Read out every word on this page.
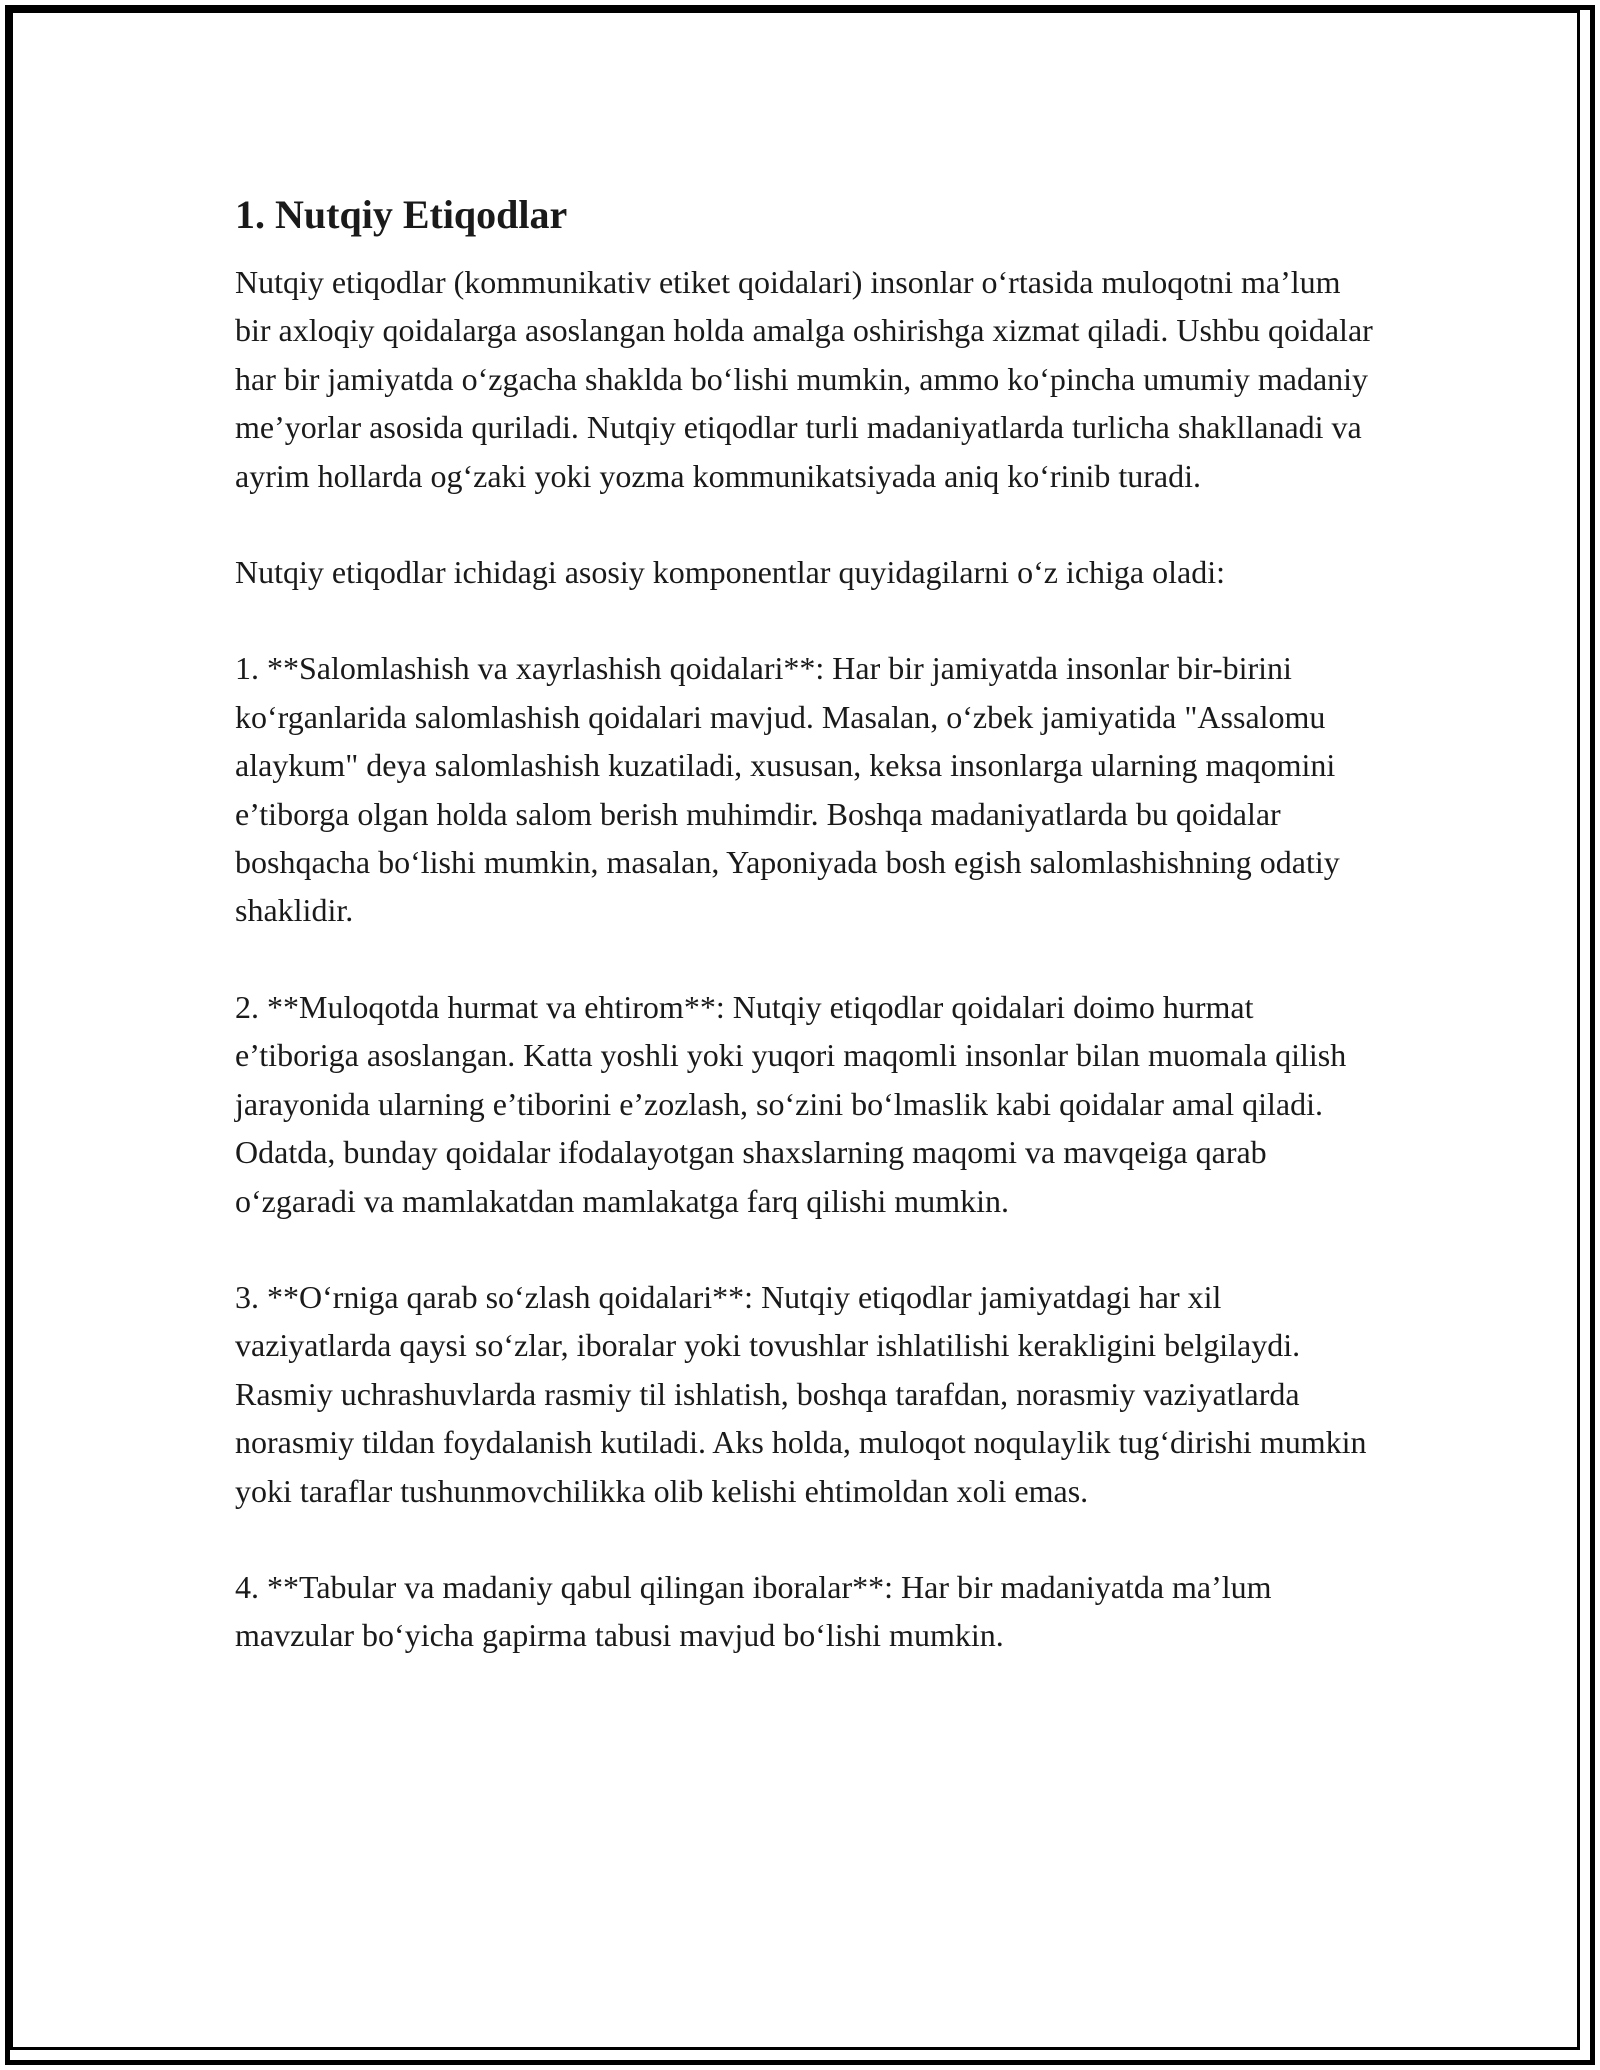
1. Nutqiy Etiqodlar

Nutqiy etiqodlar (kommunikativ etiket qoidalari) insonlar o‘rtasida muloqotni ma’lum bir axloqiy qoidalarga asoslangan holda amalga oshirishga xizmat qiladi. Ushbu qoidalar har bir jamiyatda o‘zgacha shaklda bo‘lishi mumkin, ammo ko‘pincha umumiy madaniy me’yorlar asosida quriladi. Nutqiy etiqodlar turli madaniyatlarda turlicha shakllanadi va ayrim hollarda og‘zaki yoki yozma kommunikatsiyada aniq ko‘rinib turadi.

Nutqiy etiqodlar ichidagi asosiy komponentlar quyidagilarni o‘z ichiga oladi:

1. **Salomlashish va xayrlashish qoidalari**: Har bir jamiyatda insonlar bir-birini ko‘rganlarida salomlashish qoidalari mavjud. Masalan, o‘zbek jamiyatida "Assalomu alaykum" deya salomlashish kuzatiladi, xususan, keksa insonlarga ularning maqomini e’tiborga olgan holda salom berish muhimdir. Boshqa madaniyatlarda bu qoidalar boshqacha bo‘lishi mumkin, masalan, Yaponiyada bosh egish salomlashishning odatiy shaklidir.

2. **Muloqotda hurmat va ehtirom**: Nutqiy etiqodlar qoidalari doimo hurmat e’tiboriga asoslangan. Katta yoshli yoki yuqori maqomli insonlar bilan muomala qilish jarayonida ularning e’tiborini e’zozlash, so‘zini bo‘lmaslik kabi qoidalar amal qiladi. Odatda, bunday qoidalar ifodalayotgan shaxslarning maqomi va mavqeiga qarab o‘zgaradi va mamlakatdan mamlakatga farq qilishi mumkin.

3. **O‘rniga qarab so‘zlash qoidalari**: Nutqiy etiqodlar jamiyatdagi har xil vaziyatlarda qaysi so‘zlar, iboralar yoki tovushlar ishlatilishi kerakligini belgilaydi. Rasmiy uchrashuvlarda rasmiy til ishlatish, boshqa tarafdan, norasmiy vaziyatlarda norasmiy tildan foydalanish kutiladi. Aks holda, muloqot noqulaylik tug‘dirishi mumkin yoki taraflar tushunmovchilikka olib kelishi ehtimoldan xoli emas.

4. **Tabular va madaniy qabul qilingan iboralar**: Har bir madaniyatda ma’lum mavzular bo‘yicha gapirma tabusi mavjud bo‘lishi mumkin.
